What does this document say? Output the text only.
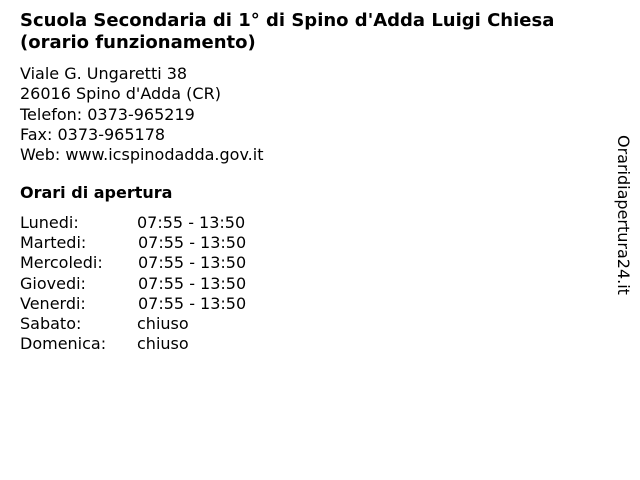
Scuola Secondaria di 1° di Spino d'Adda Luigi Chiesa (orario funzionamento)
Viale G. Ungaretti 38
26016 Spino d'Adda (CR)
Telefon: 0373-965219
Fax: 0373-965178
Web: www.icspinodadda.gov.it
Orari di apertura
Lunedi:	07:55 - 13:50
Martedi:	07:55 - 13:50
Mercoledi: 07:55 - 13:50
Giovedi:	07:55 - 13:50
Venerdi:	07:55 - 13:50
Sabato:	chiuso
Domenica: chiuso
Oraridiapertura24.it
